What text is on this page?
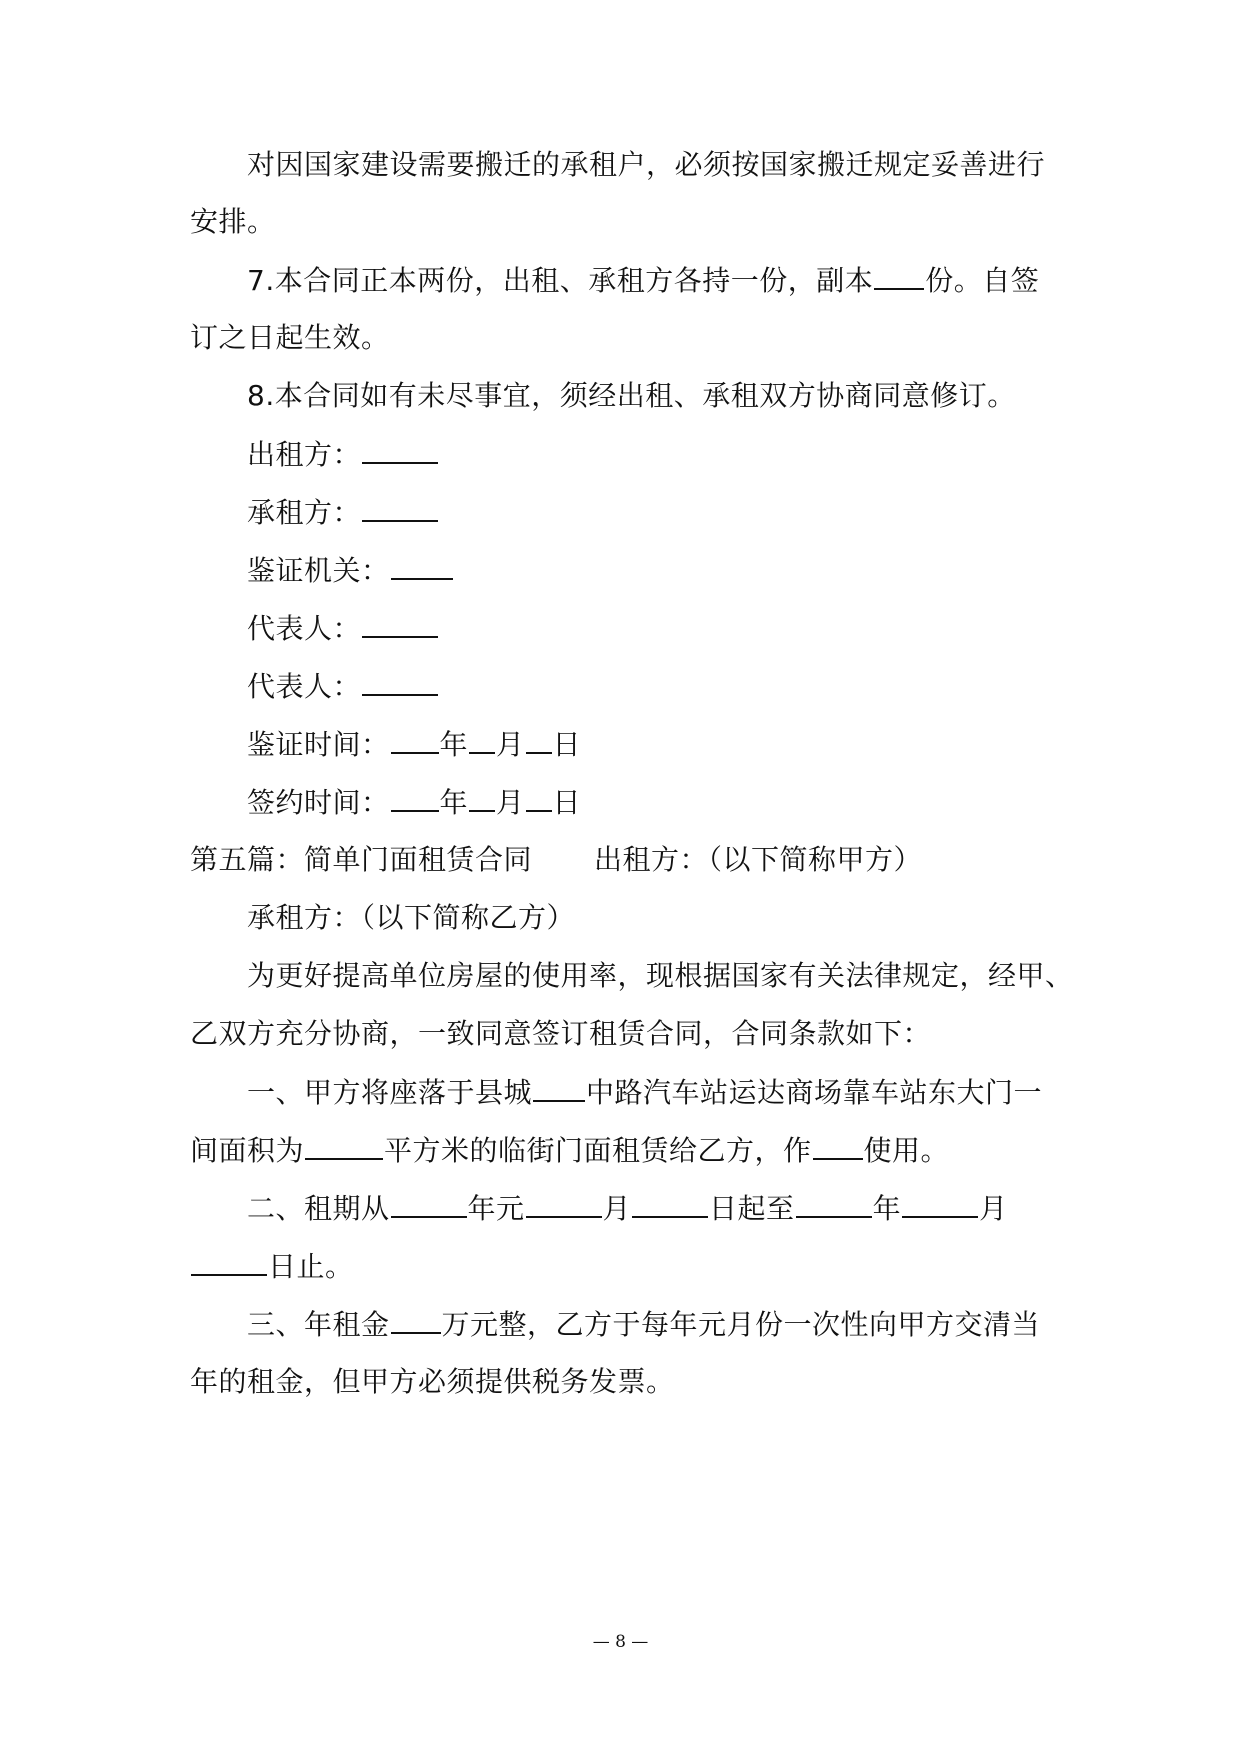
对因国家建设需要搬迁的承租户，必须按国家搬迁规定妥善进行
安排。
7.本合同正本两份，出租、承租方各持一份，副本 份。自签
订之日起生效。
8.本合同如有未尽事宜，须经出租、承租双方协商同意修订。
出租方：
承租方：
鉴证机关：
代表人：
代表人：
鉴证时间： 年 月 日
签约时间： 年 月 日
第五篇：简单门面租赁合同 出租方：（以下简称甲方）
承租方：（以下简称乙方）
为更好提高单位房屋的使用率，现根据国家有关法律规定，经甲、
乙双方充分协商，一致同意签订租赁合同，合同条款如下：
一、甲方将座落于县城 中路汽车站运达商场靠车站东大门一
间面积为	平方米的临街门面租赁给乙方，作 使用。
二、租期从	年元	月	日起至	年	月
日止。
三、年租金 万元整，乙方于每年元月份一次性向甲方交清当
年的租金，但甲方必须提供税务发票。
— 8 —
